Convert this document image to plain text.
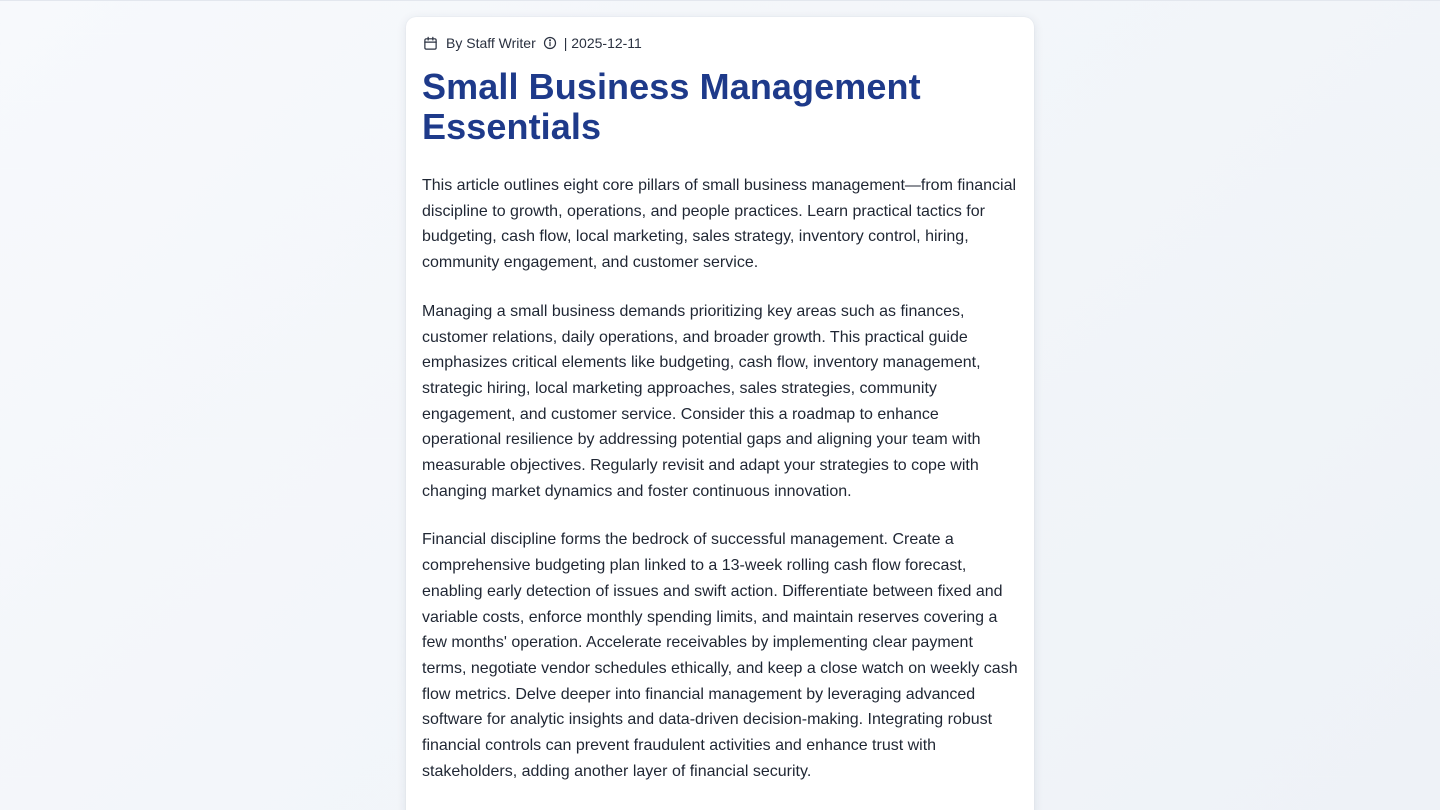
By Staff Writer | 2025-12-11
Small Business Management Essentials

This article outlines eight core pillars of small business management—from financial discipline to growth, operations, and people practices. Learn practical tactics for budgeting, cash flow, local marketing, sales strategy, inventory control, hiring, community engagement, and customer service.

Managing a small business demands prioritizing key areas such as finances, customer relations, daily operations, and broader growth. This practical guide emphasizes critical elements like budgeting, cash flow, inventory management, strategic hiring, local marketing approaches, sales strategies, community engagement, and customer service. Consider this a roadmap to enhance operational resilience by addressing potential gaps and aligning your team with measurable objectives. Regularly revisit and adapt your strategies to cope with changing market dynamics and foster continuous innovation.

Financial discipline forms the bedrock of successful management. Create a comprehensive budgeting plan linked to a 13-week rolling cash flow forecast, enabling early detection of issues and swift action. Differentiate between fixed and variable costs, enforce monthly spending limits, and maintain reserves covering a few months' operation. Accelerate receivables by implementing clear payment terms, negotiate vendor schedules ethically, and keep a close watch on weekly cash flow metrics. Delve deeper into financial management by leveraging advanced software for analytic insights and data-driven decision-making. Integrating robust financial controls can prevent fraudulent activities and enhance trust with stakeholders, adding another layer of financial security.
